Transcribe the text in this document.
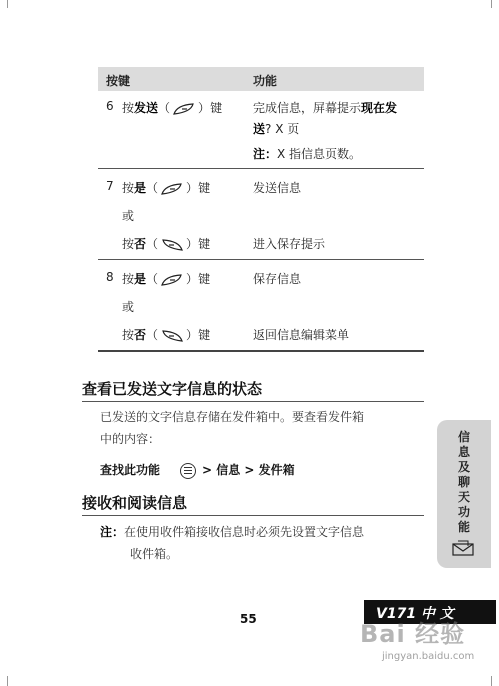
按键	功能
6 按发送（ ）键	完成信息，屏幕提示现在发
送? X 页
注：X 指信息页数。
7 按是（ ）键	发送信息
或
按否（ ）键	进入保存提示
8 按是（ ）键	保存信息
或
按否（ ）键	返回信息编辑菜单
查看已发送文字信息的状态
已发送的文字信息存储在发件箱中。要查看发件箱
中的内容：
查找此功能	> 信息 > 发件箱
接收和阅读信息
注：在使用收件箱接收信息时必须先设置文字信息
收件箱。
信
息
及
聊
天
功
能
55	V171 中 文
Bai 经验
jingyan.baidu.com
